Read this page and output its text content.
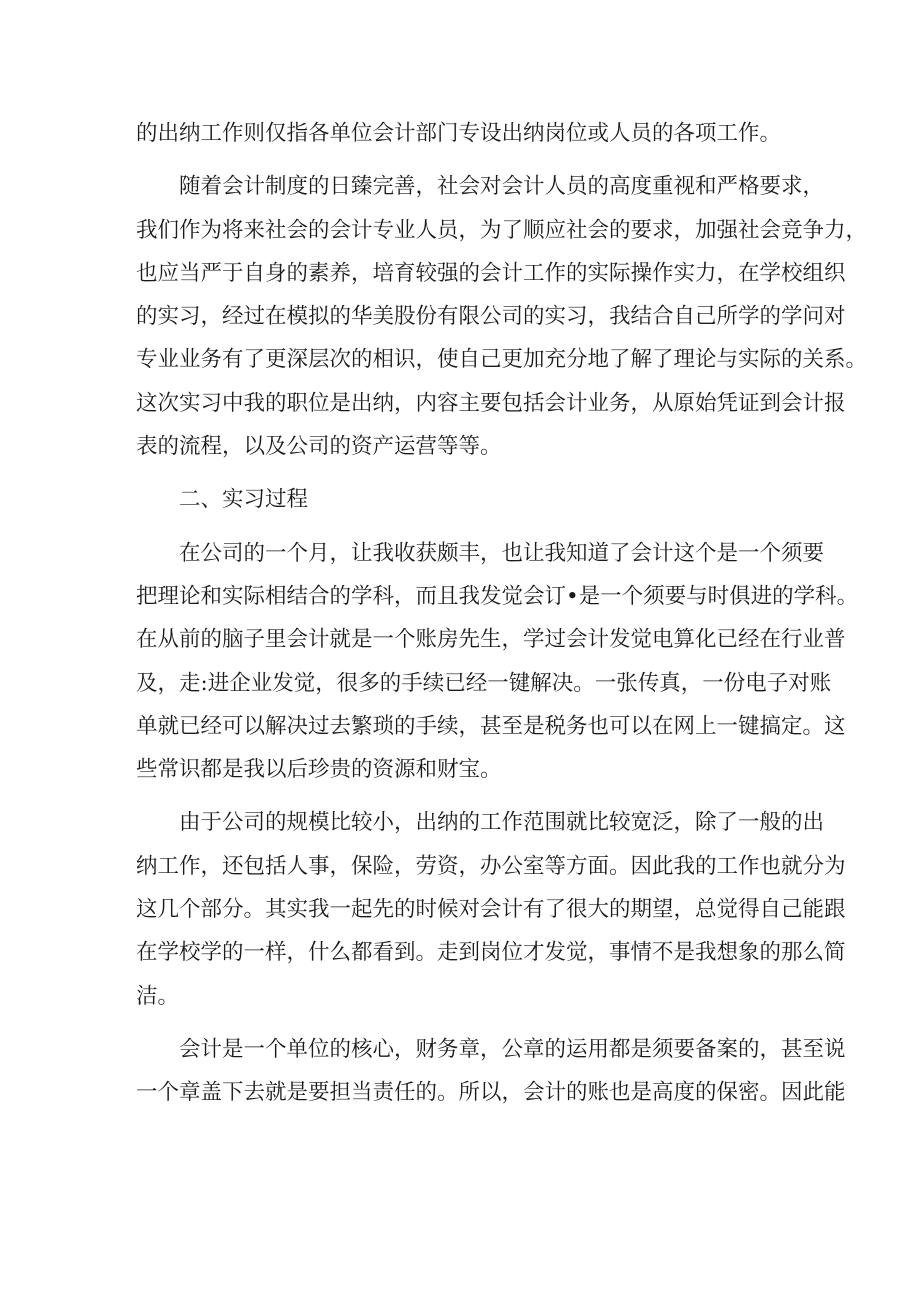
的出纳工作则仅指各单位会计部门专设出纳岗位或人员的各项工作。
随着会计制度的日臻完善，社会对会计人员的高度重视和严格要求，
我们作为将来社会的会计专业人员，为了顺应社会的要求，加强社会竞争力，
也应当严于自身的素养，培育较强的会计工作的实际操作实力，在学校组织
的实习，经过在模拟的华美股份有限公司的实习，我结合自己所学的学问对
专业业务有了更深层次的相识，使自己更加充分地了解了理论与实际的关系。
这次实习中我的职位是出纳，内容主要包括会计业务，从原始凭证到会计报
表的流程，以及公司的资产运营等等。
二、实习过程
在公司的一个月，让我收获颇丰，也让我知道了会计这个是一个须要
把理论和实际相结合的学科，而且我发觉会订•是一个须要与时俱进的学科。
在从前的脑子里会计就是一个账房先生，学过会计发觉电算化已经在行业普
及，走:进企业发觉，很多的手续已经一键解决。一张传真，一份电子对账
单就已经可以解决过去繁琐的手续，甚至是税务也可以在网上一键搞定。这
些常识都是我以后珍贵的资源和财宝。
由于公司的规模比较小，出纳的工作范围就比较宽泛，除了一般的出
纳工作，还包括人事，保险，劳资，办公室等方面。因此我的工作也就分为
这几个部分。其实我一起先的时候对会计有了很大的期望，总觉得自己能跟
在学校学的一样，什么都看到。走到岗位才发觉，事情不是我想象的那么简
洁。
会计是一个单位的核心，财务章，公章的运用都是须要备案的，甚至说
一个章盖下去就是要担当责任的。所以，会计的账也是高度的保密。因此能
